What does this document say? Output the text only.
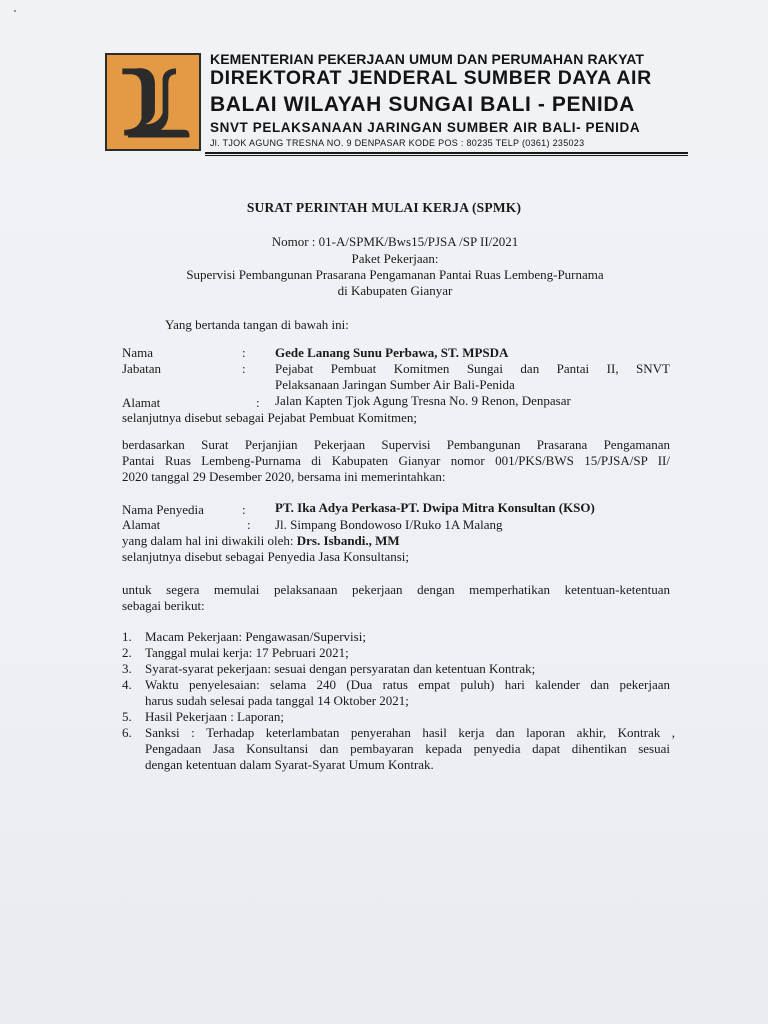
KEMENTERIAN PEKERJAAN UMUM DAN PERUMAHAN RAKYAT
DIREKTORAT JENDERAL SUMBER DAYA AIR
BALAI WILAYAH SUNGAI BALI - PENIDA
SNVT PELAKSANAAN JARINGAN SUMBER AIR BALI- PENIDA
Jl. TJOK AGUNG TRESNA NO. 9 DENPASAR KODE POS : 80235 TELP (0361) 235023
SURAT PERINTAH MULAI KERJA (SPMK)
Nomor : 01-A/SPMK/Bws15/PJSA /SP II/2021
Paket Pekerjaan:
Supervisi Pembangunan Prasarana Pengamanan Pantai Ruas Lembeng-Purnama
di Kabupaten Gianyar
Yang bertanda tangan di bawah ini:
Nama	: Gede Lanang Sunu Perbawa, ST. MPSDA
Jabatan	: Pejabat Pembuat Komitmen Sungai dan Pantai II, SNVT
Pelaksanaan Jaringan Sumber Air Bali-Penida
Alamat	: Jalan Kapten Tjok Agung Tresna No. 9 Renon, Denpasar
selanjutnya disebut sebagai Pejabat Pembuat Komitmen;
berdasarkan Surat Perjanjian Pekerjaan Supervisi Pembangunan Prasarana Pengamanan
Pantai Ruas Lembeng-Purnama di Kabupaten Gianyar nomor 001/PKS/BWS 15/PJSA/SP II/
2020 tanggal 29 Desember 2020, bersama ini memerintahkan:
Nama Penyedia	: PT. Ika Adya Perkasa-PT. Dwipa Mitra Konsultan (KSO)
Alamat	: Jl. Simpang Bondowoso I/Ruko 1A Malang
yang dalam hal ini diwakili oleh: Drs. Isbandi., MM
selanjutnya disebut sebagai Penyedia Jasa Konsultansi;
untuk segera memulai pelaksanaan pekerjaan dengan memperhatikan ketentuan-ketentuan
sebagai berikut:
1. Macam Pekerjaan: Pengawasan/Supervisi;
2. Tanggal mulai kerja: 17 Pebruari 2021;
3. Syarat-syarat pekerjaan: sesuai dengan persyaratan dan ketentuan Kontrak;
4. Waktu penyelesaian: selama 240 (Dua ratus empat puluh) hari kalender dan pekerjaan
harus sudah selesai pada tanggal 14 Oktober 2021;
5. Hasil Pekerjaan : Laporan;
6. Sanksi : Terhadap keterlambatan penyerahan hasil kerja dan laporan akhir, Kontrak ,
Pengadaan Jasa Konsultansi dan pembayaran kepada penyedia dapat dihentikan sesuai
dengan ketentuan dalam Syarat-Syarat Umum Kontrak.
